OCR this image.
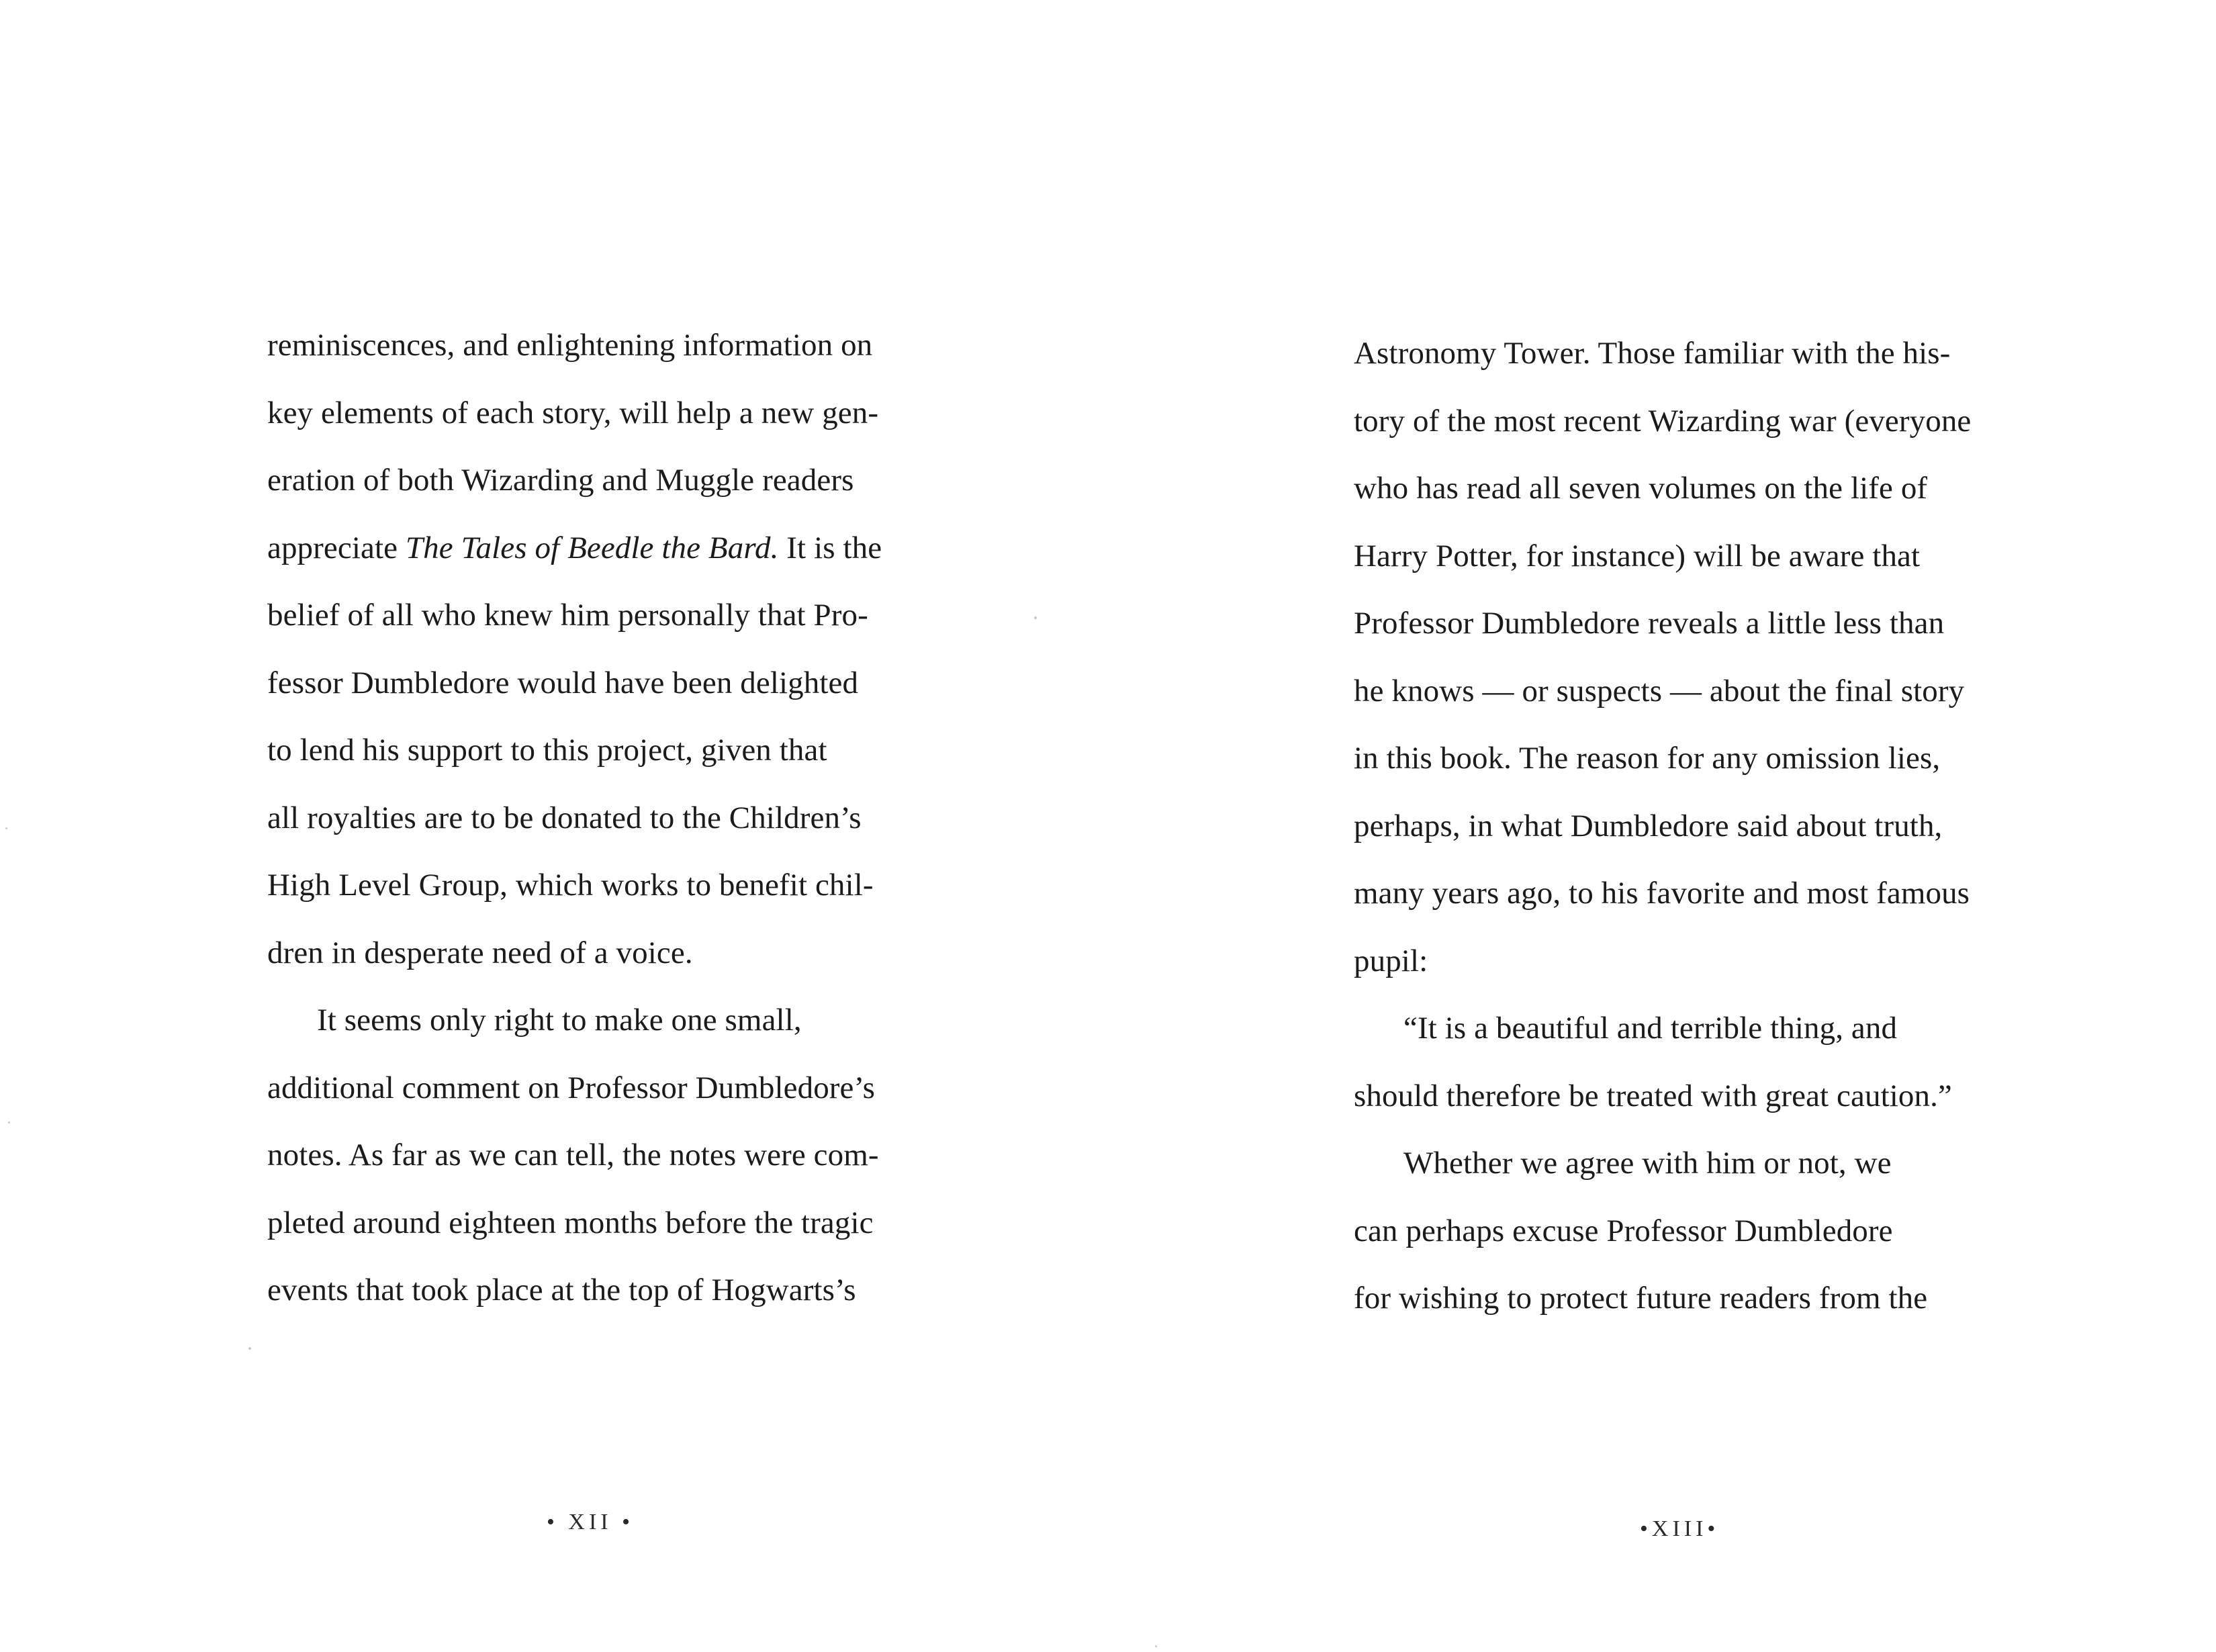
reminiscences, and enlightening information on
key elements of each story, will help a new gen-
eration of both Wizarding and Muggle readers
appreciate The Tales of Beedle the Bard. It is the
belief of all who knew him personally that Pro-
fessor Dumbledore would have been delighted
to lend his support to this project, given that
all royalties are to be donated to the Children’s
High Level Group, which works to benefit chil-
dren in desperate need of a voice.
It seems only right to make one small,
additional comment on Professor Dumbledore’s
notes. As far as we can tell, the notes were com-
pleted around eighteen months before the tragic
events that took place at the top of Hogwarts’s
• XII •
Astronomy Tower. Those familiar with the his-
tory of the most recent Wizarding war (everyone
who has read all seven volumes on the life of
Harry Potter, for instance) will be aware that
Professor Dumbledore reveals a little less than
he knows — or suspects — about the final story
in this book. The reason for any omission lies,
perhaps, in what Dumbledore said about truth,
many years ago, to his favorite and most famous
pupil:
“It is a beautiful and terrible thing, and
should therefore be treated with great caution.”
Whether we agree with him or not, we
can perhaps excuse Professor Dumbledore
for wishing to protect future readers from the
•XIII•
